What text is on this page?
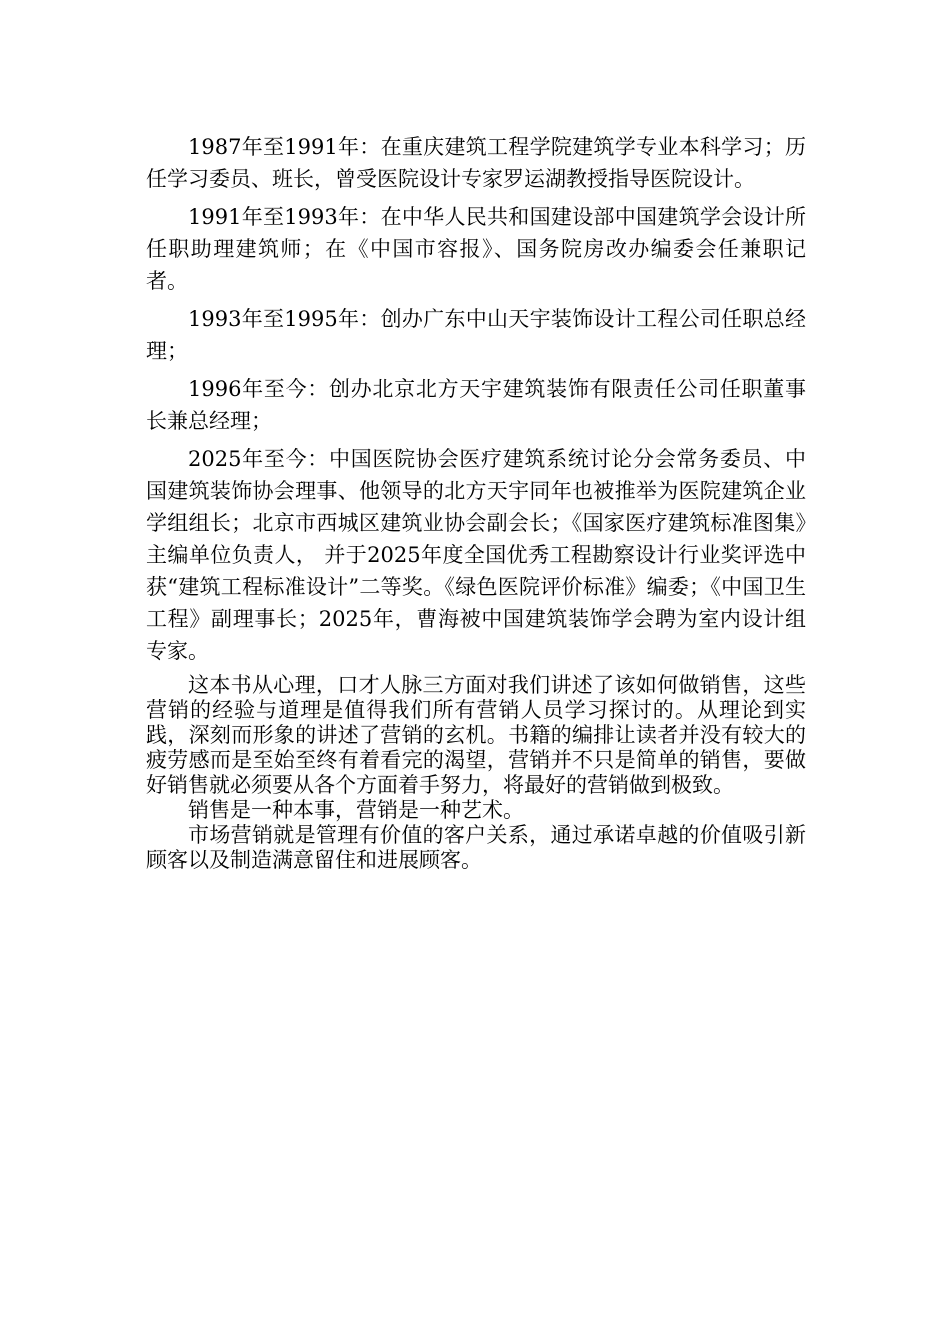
1987年至1991年：在重庆建筑工程学院建筑学专业本科学习；历任学习委员、班长，曾受医院设计专家罗运湖教授指导医院设计。

1991年至1993年：在中华人民共和国建设部中国建筑学会设计所任职助理建筑师；在《中国市容报》、国务院房改办编委会任兼职记者。

1993年至1995年：创办广东中山天宇装饰设计工程公司任职总经理；

1996年至今：创办北京北方天宇建筑装饰有限责任公司任职董事长兼总经理；

2025年至今：中国医院协会医疗建筑系统讨论分会常务委员、中国建筑装饰协会理事、他领导的北方天宇同年也被推举为医院建筑企业学组组长；北京市西城区建筑业协会副会长；《国家医疗建筑标准图集》主编单位负责人， 并于2025年度全国优秀工程勘察设计行业奖评选中获“建筑工程标准设计”二等奖。《绿色医院评价标准》编委；《中国卫生工程》副理事长；2025年，曹海被中国建筑装饰学会聘为室内设计组专家。

这本书从心理，口才人脉三方面对我们讲述了该如何做销售，这些营销的经验与道理是值得我们所有营销人员学习探讨的。从理论到实践，深刻而形象的讲述了营销的玄机。书籍的编排让读者并没有较大的疲劳感而是至始至终有着看完的渴望，营销并不只是简单的销售，要做好销售就必须要从各个方面着手努力，将最好的营销做到极致。

销售是一种本事，营销是一种艺术。

市场营销就是管理有价值的客户关系，通过承诺卓越的价值吸引新顾客以及制造满意留住和进展顾客。
